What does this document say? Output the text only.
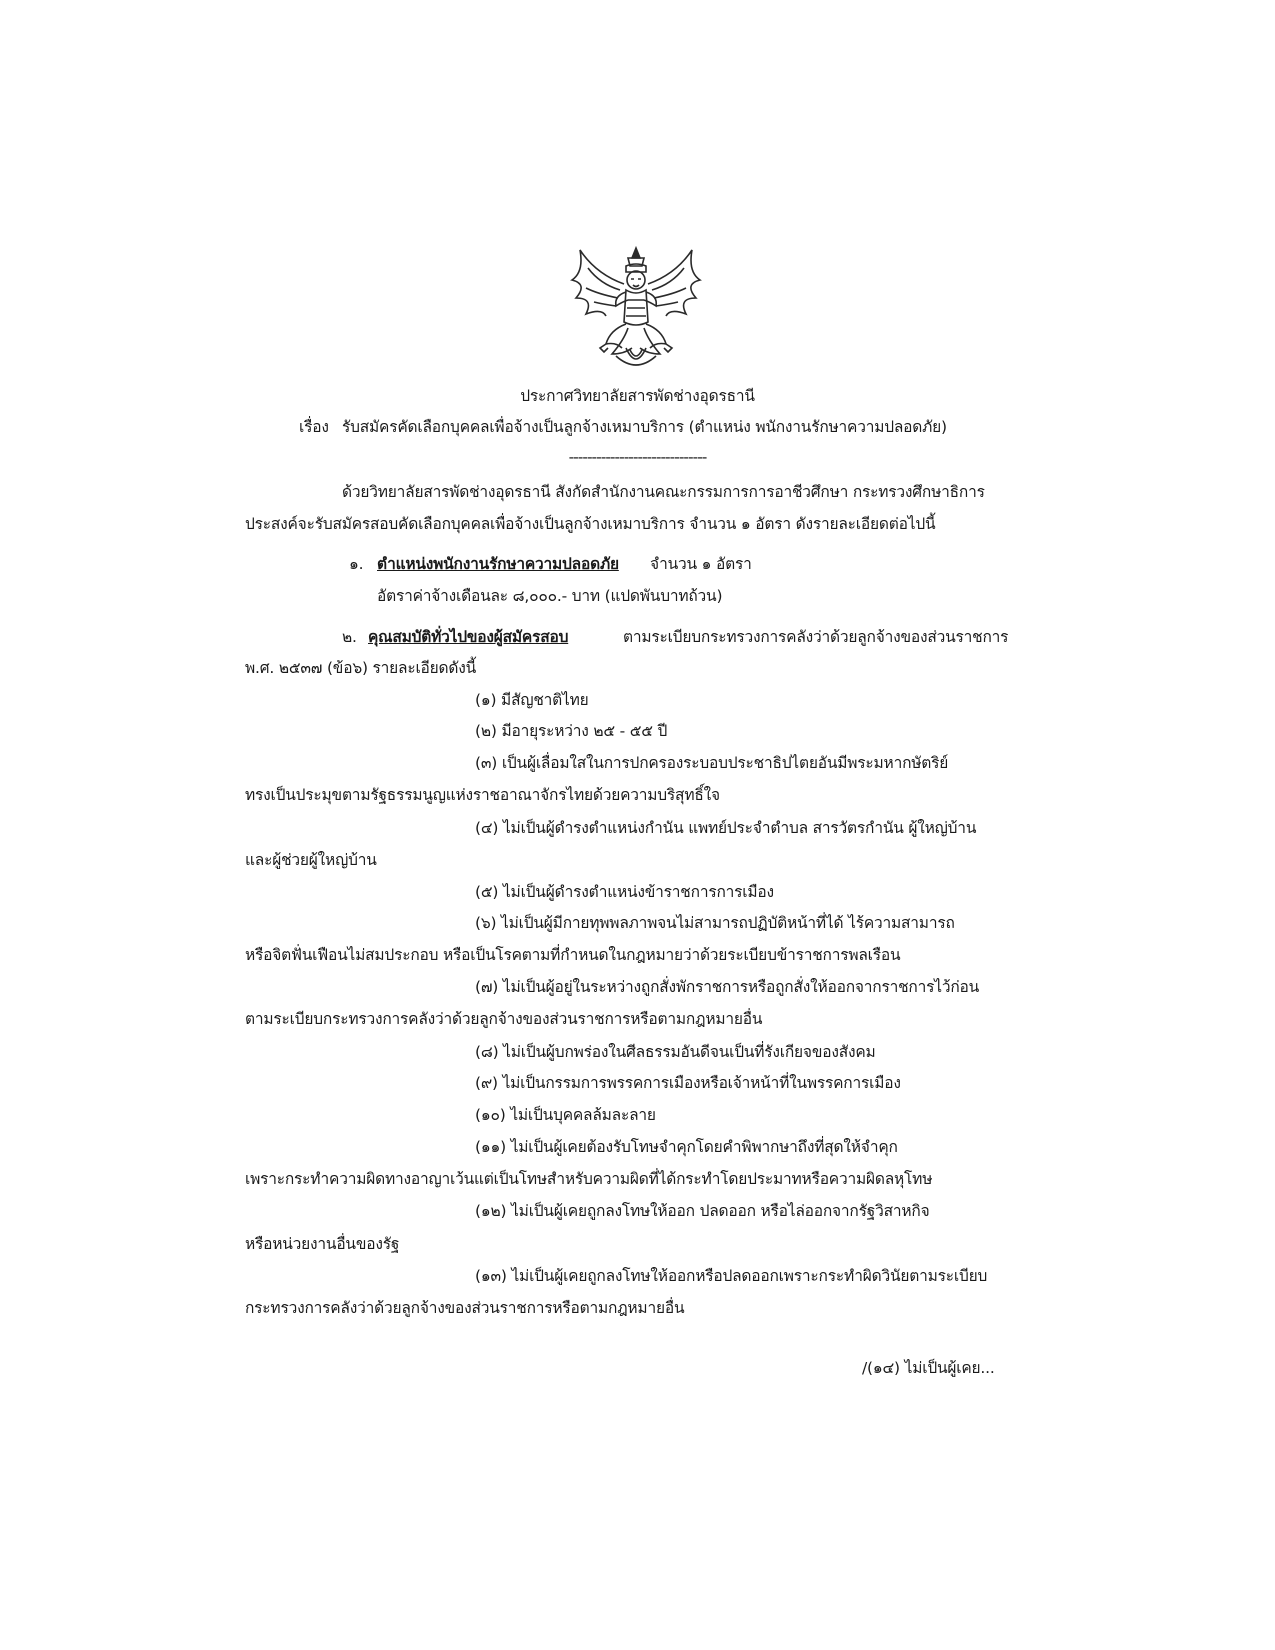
ประกาศวิทยาลัยสารพัดช่างอุดรธานี

เรื่อง รับสมัครคัดเลือกบุคคลเพื่อจ้างเป็นลูกจ้างเหมาบริการ (ตำแหน่ง พนักงานรักษาความปลอดภัย)

------------------------------

ด้วยวิทยาลัยสารพัดช่างอุดรธานี สังกัดสำนักงานคณะกรรมการการอาชีวศึกษา กระทรวงศึกษาธิการ

ประสงค์จะรับสมัครสอบคัดเลือกบุคคลเพื่อจ้างเป็นลูกจ้างเหมาบริการ จำนวน ๑ อัตรา ดังรายละเอียดต่อไปนี้

๑. ตำแหน่งพนักงานรักษาความปลอดภัย จำนวน ๑ อัตรา

อัตราค่าจ้างเดือนละ ๘,๐๐๐.- บาท (แปดพันบาทถ้วน)

๒. คุณสมบัติทั่วไปของผู้สมัครสอบ	ตามระเบียบกระทรวงการคลังว่าด้วยลูกจ้างของส่วนราชการ

พ.ศ. ๒๕๓๗ (ข้อ๖) รายละเอียดดังนี้

(๑) มีสัญชาติไทย

(๒) มีอายุระหว่าง ๒๕ - ๕๕ ปี

(๓) เป็นผู้เลื่อมใสในการปกครองระบอบประชาธิปไตยอันมีพระมหากษัตริย์

ทรงเป็นประมุขตามรัฐธรรมนูญแห่งราชอาณาจักรไทยด้วยความบริสุทธิ์ใจ

(๔) ไม่เป็นผู้ดำรงตำแหน่งกำนัน แพทย์ประจำตำบล สารวัตรกำนัน ผู้ใหญ่บ้าน

และผู้ช่วยผู้ใหญ่บ้าน

(๕) ไม่เป็นผู้ดำรงตำแหน่งข้าราชการการเมือง

(๖) ไม่เป็นผู้มีกายทุพพลภาพจนไม่สามารถปฏิบัติหน้าที่ได้ ไร้ความสามารถ

หรือจิตฟั่นเฟือนไม่สมประกอบ หรือเป็นโรคตามที่กำหนดในกฎหมายว่าด้วยระเบียบข้าราชการพลเรือน

(๗) ไม่เป็นผู้อยู่ในระหว่างถูกสั่งพักราชการหรือถูกสั่งให้ออกจากราชการไว้ก่อน

ตามระเบียบกระทรวงการคลังว่าด้วยลูกจ้างของส่วนราชการหรือตามกฎหมายอื่น

(๘) ไม่เป็นผู้บกพร่องในศีลธรรมอันดีจนเป็นที่รังเกียจของสังคม

(๙) ไม่เป็นกรรมการพรรคการเมืองหรือเจ้าหน้าที่ในพรรคการเมือง

(๑๐) ไม่เป็นบุคคลล้มละลาย

(๑๑) ไม่เป็นผู้เคยต้องรับโทษจำคุกโดยคำพิพากษาถึงที่สุดให้จำคุก

เพราะกระทำความผิดทางอาญาเว้นแต่เป็นโทษสำหรับความผิดที่ได้กระทำโดยประมาทหรือความผิดลหุโทษ

(๑๒) ไม่เป็นผู้เคยถูกลงโทษให้ออก ปลดออก หรือไล่ออกจากรัฐวิสาหกิจ

หรือหน่วยงานอื่นของรัฐ

(๑๓) ไม่เป็นผู้เคยถูกลงโทษให้ออกหรือปลดออกเพราะกระทำผิดวินัยตามระเบียบ

กระทรวงการคลังว่าด้วยลูกจ้างของส่วนราชการหรือตามกฎหมายอื่น

/(๑๔) ไม่เป็นผู้เคย...
